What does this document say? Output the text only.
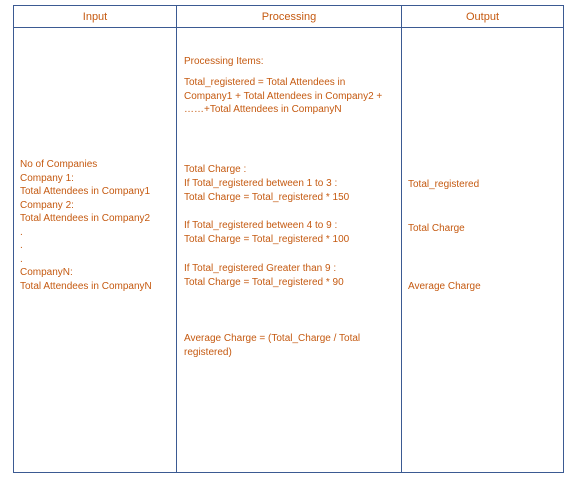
Input	Processing	Output
No of Companies
Company 1:
Total Attendees in Company1
Company 2:
Total Attendees in Company2
.
.
.
CompanyN:
Total Attendees in CompanyN
Processing Items:
Total_registered = Total Attendees in
Company1 + Total Attendees in Company2 +
……+Total Attendees in CompanyN
Total Charge :
If Total_registered between 1 to 3 :
Total Charge = Total_registered * 150
If Total_registered between 4 to 9 :
Total Charge = Total_registered * 100
If Total_registered Greater than 9 :
Total Charge = Total_registered * 90
Average Charge = (Total_Charge / Total
registered)
Total_registered
Total Charge
Average Charge
